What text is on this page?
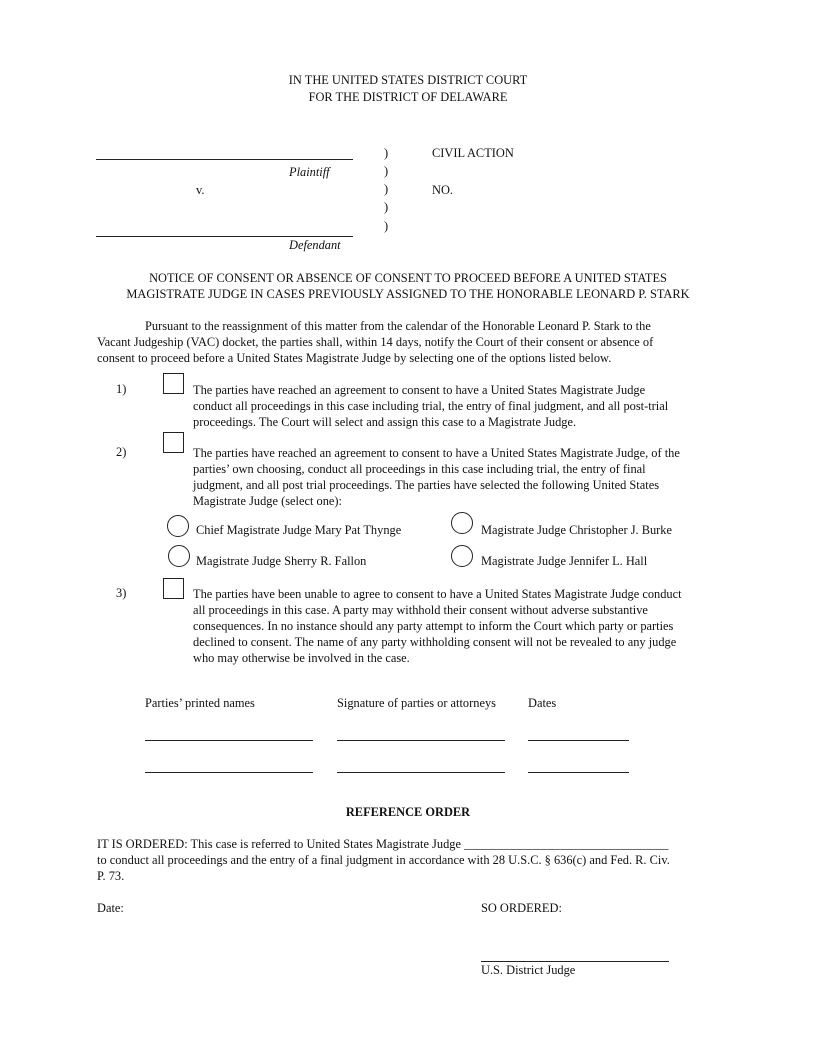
IN THE UNITED STATES DISTRICT COURT
FOR THE DISTRICT OF DELAWARE
Plaintiff
v.
Defendant
)
)
)
)
)
CIVIL ACTION
NO.
NOTICE OF CONSENT OR ABSENCE OF CONSENT TO PROCEED BEFORE A UNITED STATES
MAGISTRATE JUDGE IN CASES PREVIOUSLY ASSIGNED TO THE HONORABLE LEONARD P. STARK
Pursuant to the reassignment of this matter from the calendar of the Honorable Leonard P. Stark to the
Vacant Judgeship (VAC) docket, the parties shall, within 14 days, notify the Court of their consent or absence of
consent to proceed before a United States Magistrate Judge by selecting one of the options listed below.
1)	The parties have reached an agreement to consent to have a United States Magistrate Judge
conduct all proceedings in this case including trial, the entry of final judgment, and all post-trial
proceedings. The Court will select and assign this case to a Magistrate Judge.
2)	The parties have reached an agreement to consent to have a United States Magistrate Judge, of the
parties’ own choosing, conduct all proceedings in this case including trial, the entry of final
judgment, and all post trial proceedings. The parties have selected the following United States
Magistrate Judge (select one):
Chief Magistrate Judge Mary Pat Thynge	Magistrate Judge Christopher J. Burke
Magistrate Judge Sherry R. Fallon	Magistrate Judge Jennifer L. Hall
3)	The parties have been unable to agree to consent to have a United States Magistrate Judge conduct
all proceedings in this case. A party may withhold their consent without adverse substantive
consequences. In no instance should any party attempt to inform the Court which party or parties
declined to consent. The name of any party withholding consent will not be revealed to any judge
who may otherwise be involved in the case.
Parties’ printed names	Signature of parties or attorneys	Dates
REFERENCE ORDER
IT IS ORDERED: This case is referred to United States Magistrate Judge _________________________________
to conduct all proceedings and the entry of a final judgment in accordance with 28 U.S.C. § 636(c) and Fed. R. Civ.
P. 73.
Date:	SO ORDERED:
U.S. District Judge
